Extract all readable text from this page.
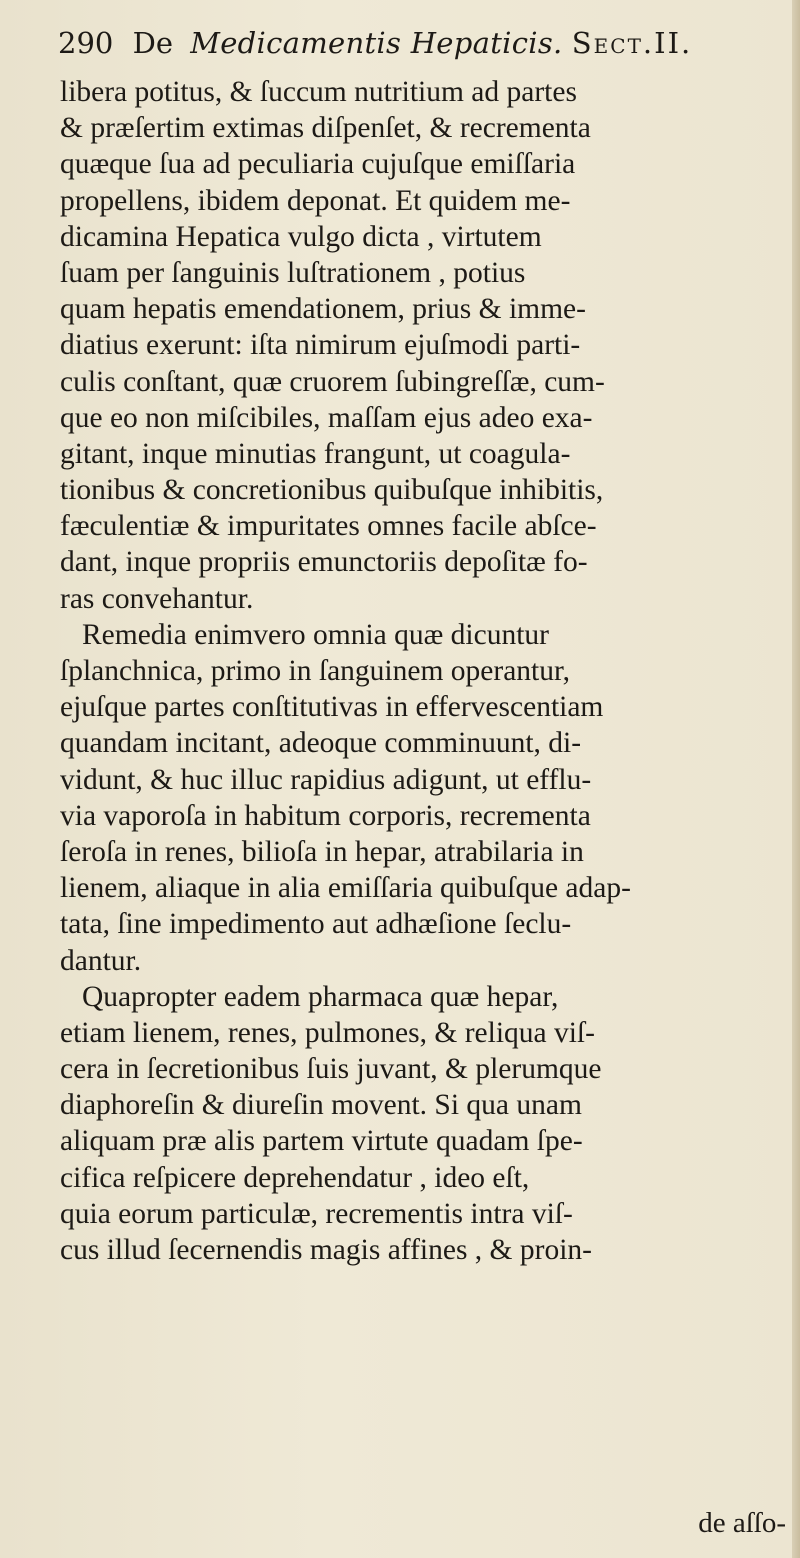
290 De Medicamentis Hepaticis. Sect.II.
libera potitus, & ſuccum nutritium ad partes
& præſertim extimas diſpenſet, & recrementa
quæque ſua ad peculiaria cujuſque emiſſaria
propellens, ibidem deponat. Et quidem me-
dicamina Hepatica vulgo dicta , virtutem
ſuam per ſanguinis luſtrationem , potius
quam hepatis emendationem, prius & imme-
diatius exerunt: iſta nimirum ejuſmodi parti-
culis conſtant, quæ cruorem ſubingreſſæ, cum-
que eo non miſcibiles, maſſam ejus adeo exa-
gitant, inque minutias frangunt, ut coagula-
tionibus & concretionibus quibuſque inhibitis,
fæculentiæ & impuritates omnes facile abſce-
dant, inque propriis emunctoriis depoſitæ fo-
ras convehantur.
Remedia enimvero omnia quæ dicuntur
ſplanchnica, primo in ſanguinem operantur,
ejuſque partes conſtitutivas in effervescentiam
quandam incitant, adeoque comminuunt, di-
vidunt, & huc illuc rapidius adigunt, ut efflu-
via vaporoſa in habitum corporis, recrementa
ſeroſa in renes, bilioſa in hepar, atrabilaria in
lienem, aliaque in alia emiſſaria quibuſque adap-
tata, ſine impedimento aut adhæſione ſeclu-
dantur.
Quapropter eadem pharmaca quæ hepar,
etiam lienem, renes, pulmones, & reliqua viſ-
cera in ſecretionibus ſuis juvant, & plerumque
diaphoreſin & diureſin movent. Si qua unam
aliquam præ alis partem virtute quadam ſpe-
cifica reſpicere deprehendatur , ideo eſt,
quia eorum particulæ, recrementis intra viſ-
cus illud ſecernendis magis affines , & proin-
de aſſo-
